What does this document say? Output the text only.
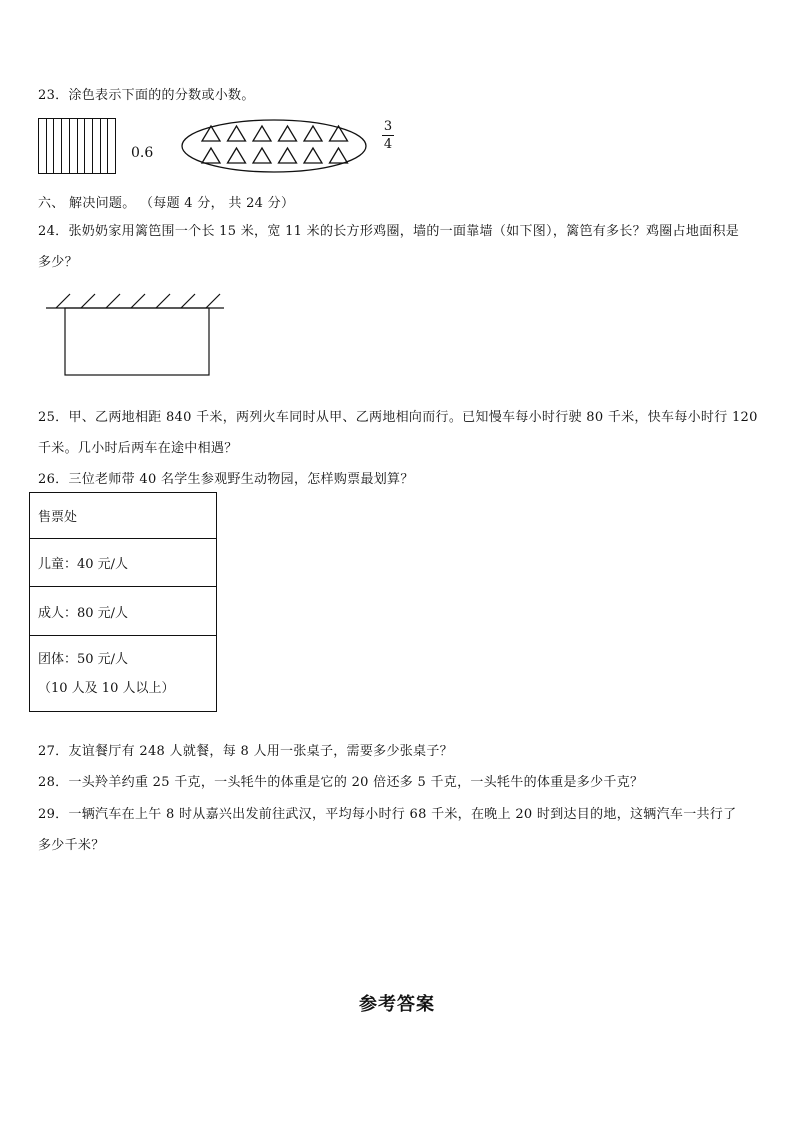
23．涂色表示下面的的分数或小数。
0.6
3
4
六、 解决问题。 （每题 4 分， 共 24 分）
24．张奶奶家用篱笆围一个长 15 米，宽 11 米的长方形鸡圈，墙的一面靠墙（如下图），篱笆有多长？鸡圈占地面积是
多少？
25．甲、乙两地相距 840 千米，两列火车同时从甲、乙两地相向而行。已知慢车每小时行驶 80 千米，快车每小时行 120
千米。几小时后两车在途中相遇？
26．三位老师带 40 名学生参观野生动物园，怎样购票最划算？
售票处
儿童：40 元/人
成人：80 元/人

团体：50 元/人
（10 人及 10 人以上）
27．友谊餐厅有 248 人就餐，每 8 人用一张桌子，需要多少张桌子？
28．一头羚羊约重 25 千克，一头牦牛的体重是它的 20 倍还多 5 千克，一头牦牛的体重是多少千克？
29．一辆汽车在上午 8 时从嘉兴出发前往武汉，平均每小时行 68 千米，在晚上 20 时到达目的地，这辆汽车一共行了
多少千米？
参考答案
